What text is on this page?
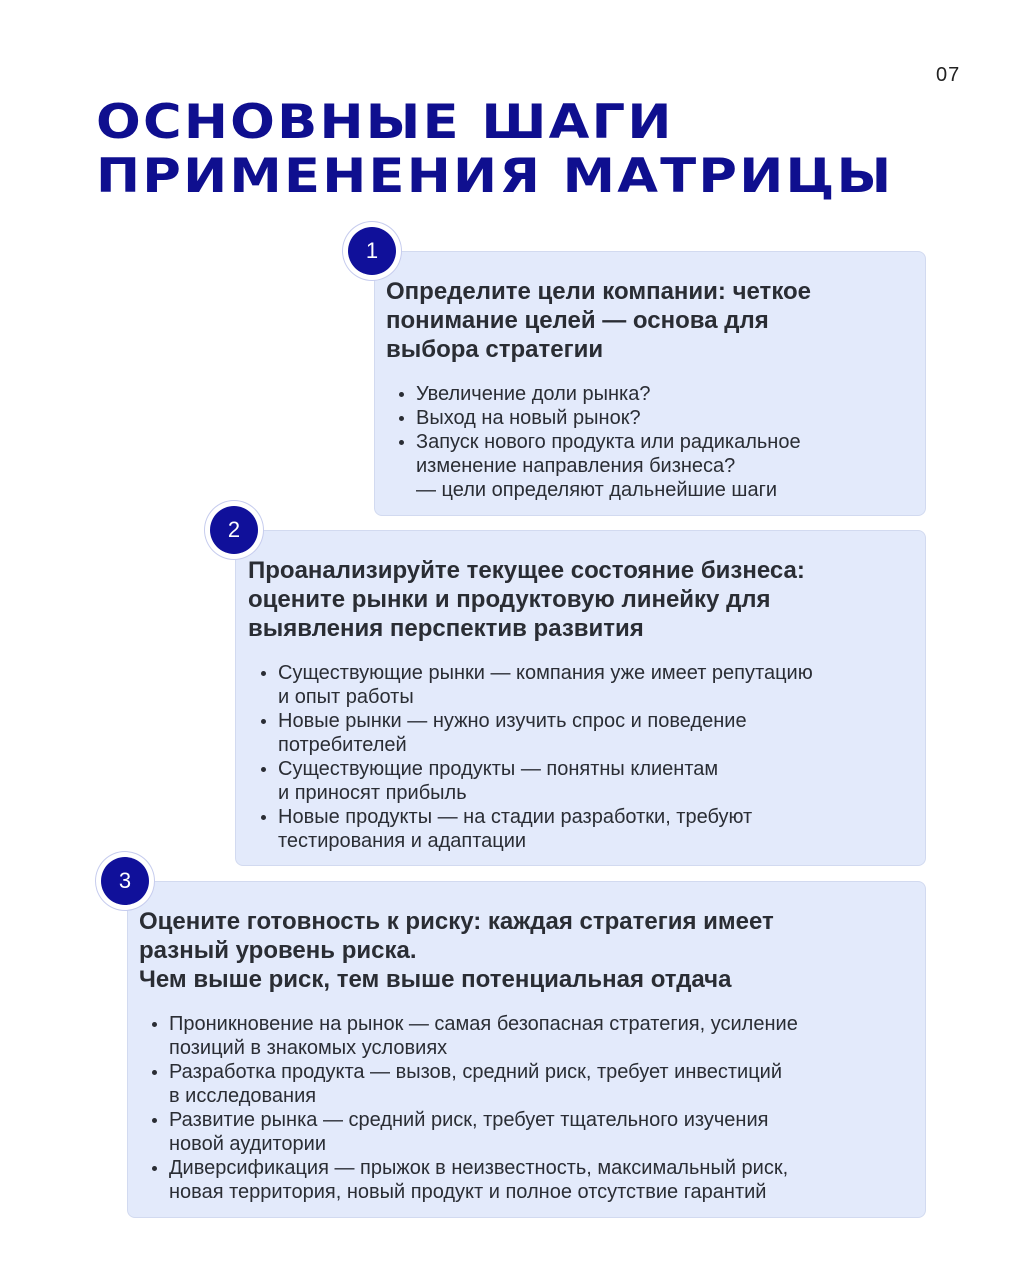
07
ОСНОВНЫЕ ШАГИ
ПРИМЕНЕНИЯ МАТРИЦЫ
1
Определите цели компании: четкое
понимание целей — основа для
выбора стратегии
Увеличение доли рынка?
Выход на новый рынок?
Запуск нового продукта или радикальное
изменение направления бизнеса?
— цели определяют дальнейшие шаги
2
Проанализируйте текущее состояние бизнеса:
оцените рынки и продуктовую линейку для
выявления перспектив развития
Существующие рынки — компания уже имеет репутацию
и опыт работы
Новые рынки — нужно изучить спрос и поведение
потребителей
Существующие продукты — понятны клиентам
и приносят прибыль
Новые продукты — на стадии разработки, требуют
тестирования и адаптации
3
Оцените готовность к риску: каждая стратегия имеет
разный уровень риска.
Чем выше риск, тем выше потенциальная отдача
Проникновение на рынок — самая безопасная стратегия, усиление
позиций в знакомых условиях
Разработка продукта — вызов, средний риск, требует инвестиций
в исследования
Развитие рынка — средний риск, требует тщательного изучения
новой аудитории
Диверсификация — прыжок в неизвестность, максимальный риск,
новая территория, новый продукт и полное отсутствие гарантий
